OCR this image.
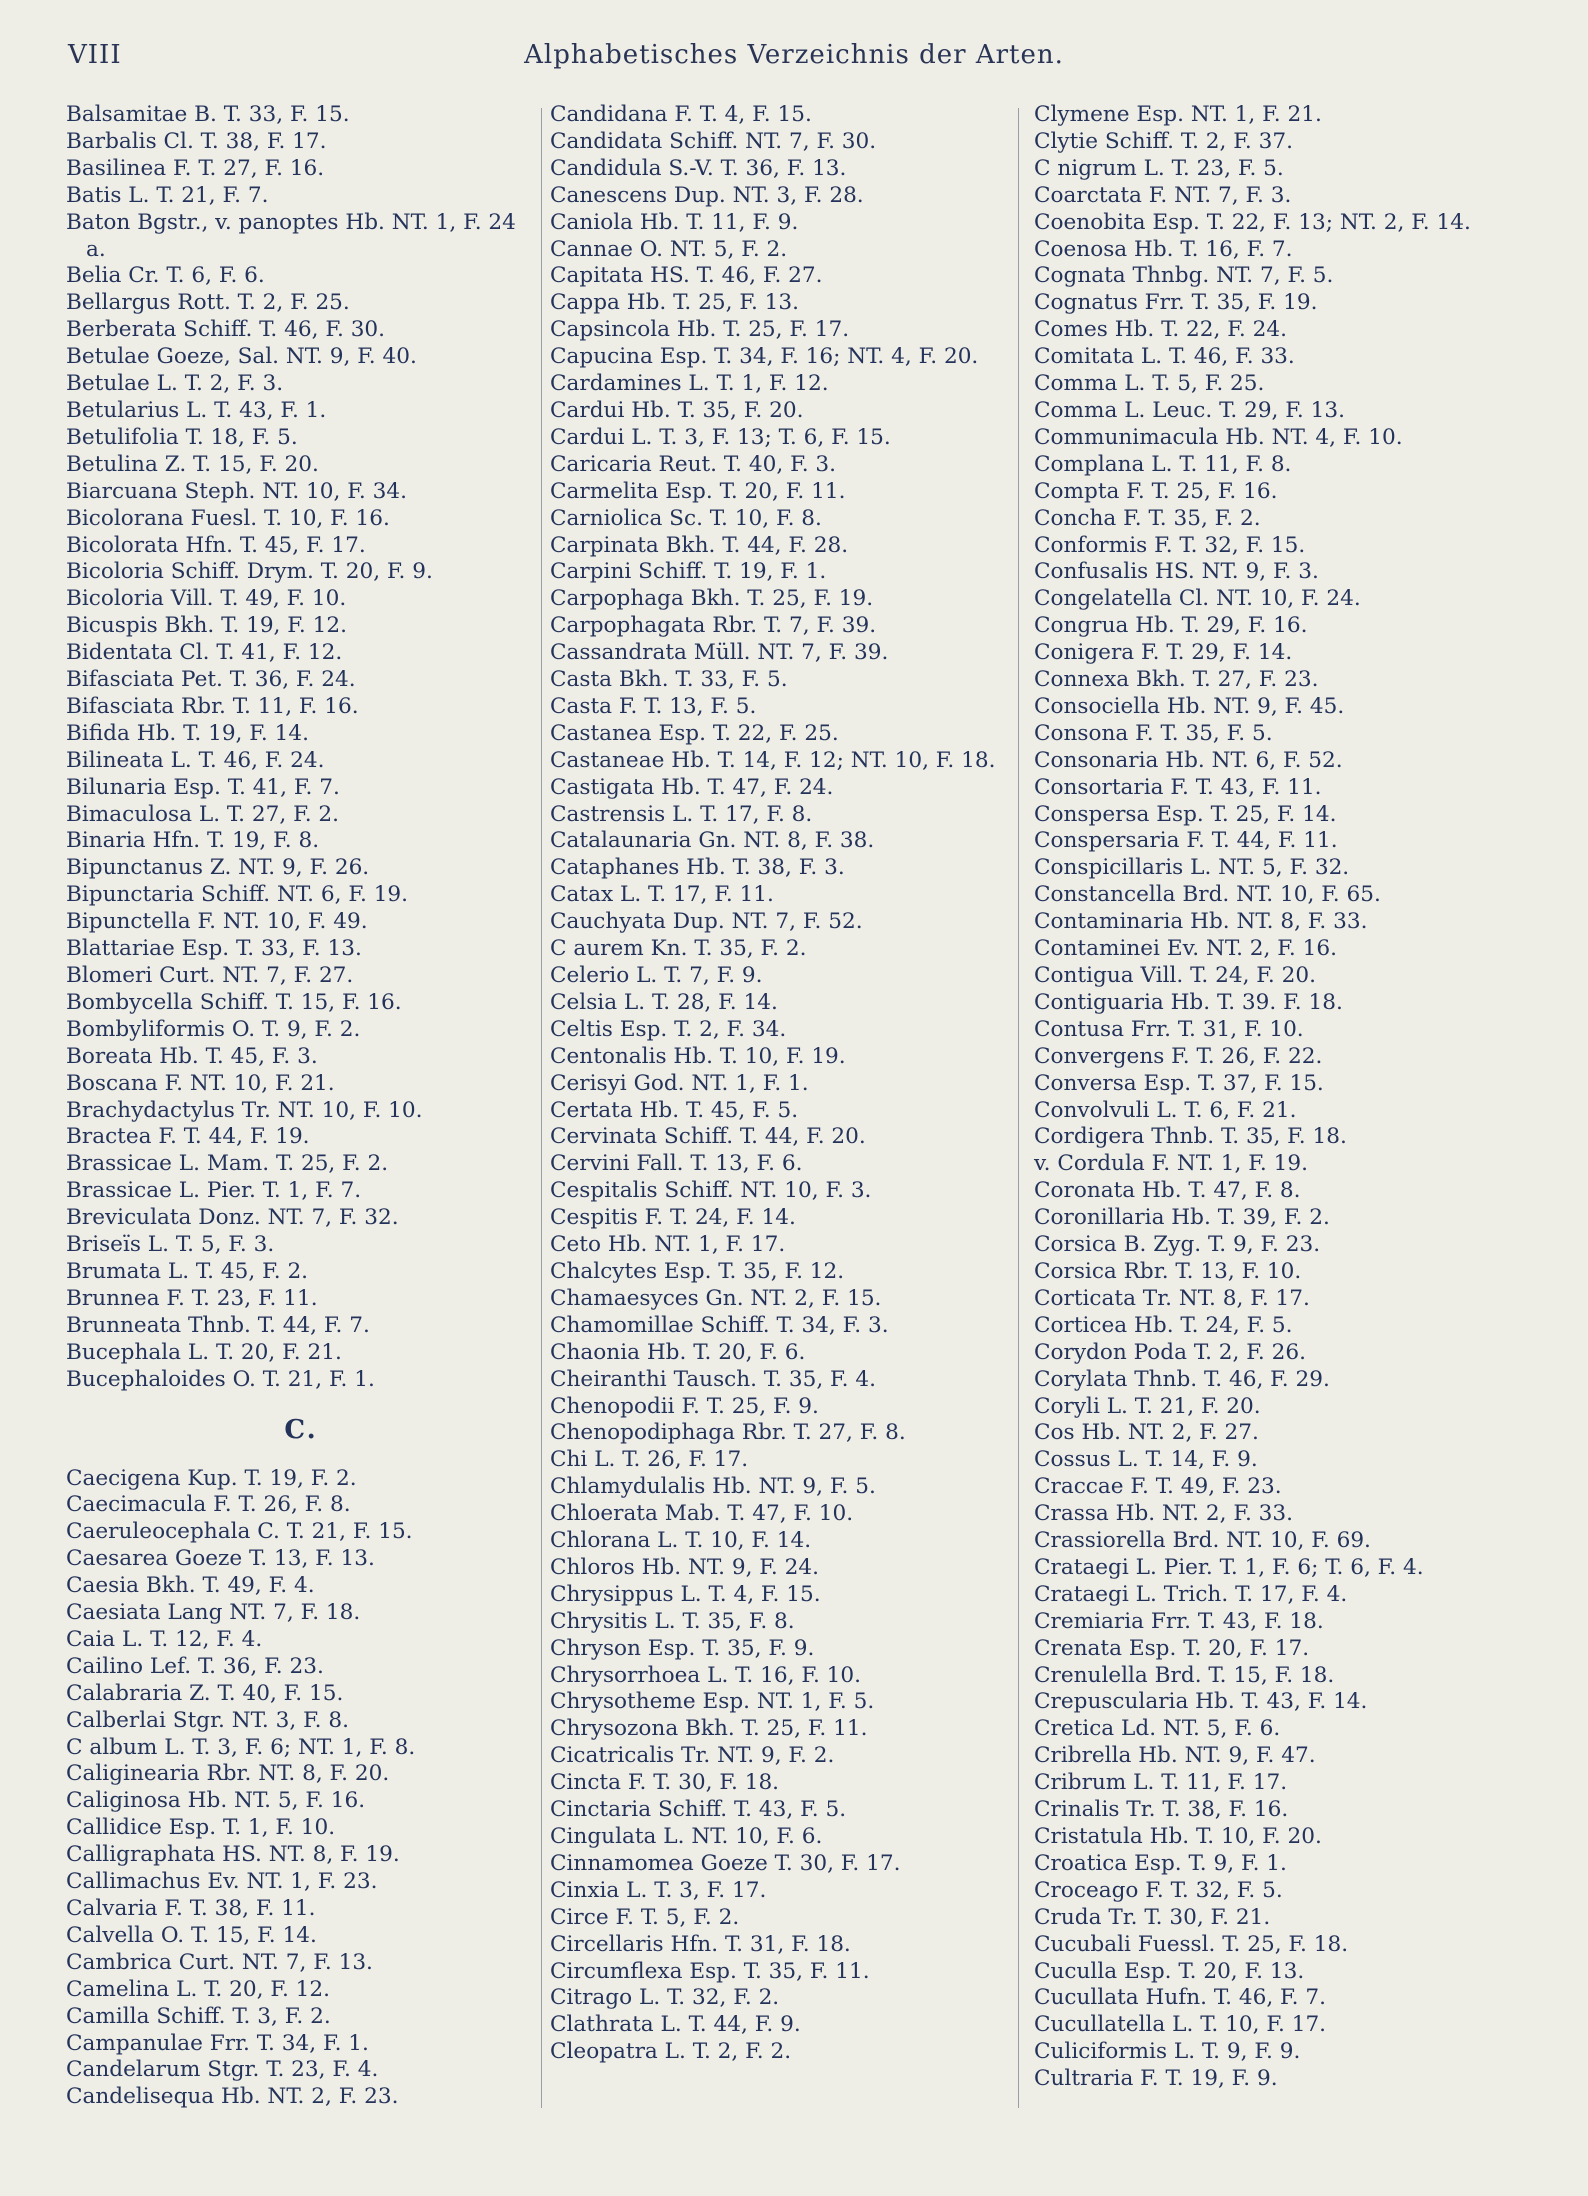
VIII	Alphabetisches Verzeichnis der Arten.
Balsamitae B. T. 33, F. 15.
Barbalis Cl. T. 38, F. 17.
Basilinea F. T. 27, F. 16.
Batis L. T. 21, F. 7.
Baton Bgstr., v. panoptes Hb. NT. 1, F. 24 a.
Belia Cr. T. 6, F. 6.
Bellargus Rott. T. 2, F. 25.
Berberata Schiff. T. 46, F. 30.
Betulae Goeze, Sal. NT. 9, F. 40.
Betulae L. T. 2, F. 3.
Betularius L. T. 43, F. 1.
Betulifolia T. 18, F. 5.
Betulina Z. T. 15, F. 20.
Biarcuana Steph. NT. 10, F. 34.
Bicolorana Fuesl. T. 10, F. 16.
Bicolorata Hfn. T. 45, F. 17.
Bicoloria Schiff. Drym. T. 20, F. 9.
Bicoloria Vill. T. 49, F. 10.
Bicuspis Bkh. T. 19, F. 12.
Bidentata Cl. T. 41, F. 12.
Bifasciata Pet. T. 36, F. 24.
Bifasciata Rbr. T. 11, F. 16.
Bifida Hb. T. 19, F. 14.
Bilineata L. T. 46, F. 24.
Bilunaria Esp. T. 41, F. 7.
Bimaculosa L. T. 27, F. 2.
Binaria Hfn. T. 19, F. 8.
Bipunctanus Z. NT. 9, F. 26.
Bipunctaria Schiff. NT. 6, F. 19.
Bipunctella F. NT. 10, F. 49.
Blattariae Esp. T. 33, F. 13.
Blomeri Curt. NT. 7, F. 27.
Bombycella Schiff. T. 15, F. 16.
Bombyliformis O. T. 9, F. 2.
Boreata Hb. T. 45, F. 3.
Boscana F. NT. 10, F. 21.
Brachydactylus Tr. NT. 10, F. 10.
Bractea F. T. 44, F. 19.
Brassicae L. Mam. T. 25, F. 2.
Brassicae L. Pier. T. 1, F. 7.
Breviculata Donz. NT. 7, F. 32.
Briseïs L. T. 5, F. 3.
Brumata L. T. 45, F. 2.
Brunnea F. T. 23, F. 11.
Brunneata Thnb. T. 44, F. 7.
Bucephala L. T. 20, F. 21.
Bucephaloides O. T. 21, F. 1.
C.
Caecigena Kup. T. 19, F. 2.
Caecimacula F. T. 26, F. 8.
Caeruleocephala C. T. 21, F. 15.
Caesarea Goeze T. 13, F. 13.
Caesia Bkh. T. 49, F. 4.
Caesiata Lang NT. 7, F. 18.
Caia L. T. 12, F. 4.
Cailino Lef. T. 36, F. 23.
Calabraria Z. T. 40, F. 15.
Calberlai Stgr. NT. 3, F. 8.
C album L. T. 3, F. 6; NT. 1, F. 8.
Caliginearia Rbr. NT. 8, F. 20.
Caliginosa Hb. NT. 5, F. 16.
Callidice Esp. T. 1, F. 10.
Calligraphata HS. NT. 8, F. 19.
Callimachus Ev. NT. 1, F. 23.
Calvaria F. T. 38, F. 11.
Calvella O. T. 15, F. 14.
Cambrica Curt. NT. 7, F. 13.
Camelina L. T. 20, F. 12.
Camilla Schiff. T. 3, F. 2.
Campanulae Frr. T. 34, F. 1.
Candelarum Stgr. T. 23, F. 4.
Candelisequa Hb. NT. 2, F. 23.
Candidana F. T. 4, F. 15.
Candidata Schiff. NT. 7, F. 30.
Candidula S.-V. T. 36, F. 13.
Canescens Dup. NT. 3, F. 28.
Caniola Hb. T. 11, F. 9.
Cannae O. NT. 5, F. 2.
Capitata HS. T. 46, F. 27.
Cappa Hb. T. 25, F. 13.
Capsincola Hb. T. 25, F. 17.
Capucina Esp. T. 34, F. 16; NT. 4, F. 20.
Cardamines L. T. 1, F. 12.
Cardui Hb. T. 35, F. 20.
Cardui L. T. 3, F. 13; T. 6, F. 15.
Caricaria Reut. T. 40, F. 3.
Carmelita Esp. T. 20, F. 11.
Carniolica Sc. T. 10, F. 8.
Carpinata Bkh. T. 44, F. 28.
Carpini Schiff. T. 19, F. 1.
Carpophaga Bkh. T. 25, F. 19.
Carpophagata Rbr. T. 7, F. 39.
Cassandrata Müll. NT. 7, F. 39.
Casta Bkh. T. 33, F. 5.
Casta F. T. 13, F. 5.
Castanea Esp. T. 22, F. 25.
Castaneae Hb. T. 14, F. 12; NT. 10, F. 18.
Castigata Hb. T. 47, F. 24.
Castrensis L. T. 17, F. 8.
Catalaunaria Gn. NT. 8, F. 38.
Cataphanes Hb. T. 38, F. 3.
Catax L. T. 17, F. 11.
Cauchyata Dup. NT. 7, F. 52.
C aurem Kn. T. 35, F. 2.
Celerio L. T. 7, F. 9.
Celsia L. T. 28, F. 14.
Celtis Esp. T. 2, F. 34.
Centonalis Hb. T. 10, F. 19.
Cerisyi God. NT. 1, F. 1.
Certata Hb. T. 45, F. 5.
Cervinata Schiff. T. 44, F. 20.
Cervini Fall. T. 13, F. 6.
Cespitalis Schiff. NT. 10, F. 3.
Cespitis F. T. 24, F. 14.
Ceto Hb. NT. 1, F. 17.
Chalcytes Esp. T. 35, F. 12.
Chamaesyces Gn. NT. 2, F. 15.
Chamomillae Schiff. T. 34, F. 3.
Chaonia Hb. T. 20, F. 6.
Cheiranthi Tausch. T. 35, F. 4.
Chenopodii F. T. 25, F. 9.
Chenopodiphaga Rbr. T. 27, F. 8.
Chi L. T. 26, F. 17.
Chlamydulalis Hb. NT. 9, F. 5.
Chloerata Mab. T. 47, F. 10.
Chlorana L. T. 10, F. 14.
Chloros Hb. NT. 9, F. 24.
Chrysippus L. T. 4, F. 15.
Chrysitis L. T. 35, F. 8.
Chryson Esp. T. 35, F. 9.
Chrysorrhoea L. T. 16, F. 10.
Chrysotheme Esp. NT. 1, F. 5.
Chrysozona Bkh. T. 25, F. 11.
Cicatricalis Tr. NT. 9, F. 2.
Cincta F. T. 30, F. 18.
Cinctaria Schiff. T. 43, F. 5.
Cingulata L. NT. 10, F. 6.
Cinnamomea Goeze T. 30, F. 17.
Cinxia L. T. 3, F. 17.
Circe F. T. 5, F. 2.
Circellaris Hfn. T. 31, F. 18.
Circumflexa Esp. T. 35, F. 11.
Citrago L. T. 32, F. 2.
Clathrata L. T. 44, F. 9.
Cleopatra L. T. 2, F. 2.
Clymene Esp. NT. 1, F. 21.
Clytie Schiff. T. 2, F. 37.
C nigrum L. T. 23, F. 5.
Coarctata F. NT. 7, F. 3.
Coenobita Esp. T. 22, F. 13; NT. 2, F. 14.
Coenosa Hb. T. 16, F. 7.
Cognata Thnbg. NT. 7, F. 5.
Cognatus Frr. T. 35, F. 19.
Comes Hb. T. 22, F. 24.
Comitata L. T. 46, F. 33.
Comma L. T. 5, F. 25.
Comma L. Leuc. T. 29, F. 13.
Communimacula Hb. NT. 4, F. 10.
Complana L. T. 11, F. 8.
Compta F. T. 25, F. 16.
Concha F. T. 35, F. 2.
Conformis F. T. 32, F. 15.
Confusalis HS. NT. 9, F. 3.
Congelatella Cl. NT. 10, F. 24.
Congrua Hb. T. 29, F. 16.
Conigera F. T. 29, F. 14.
Connexa Bkh. T. 27, F. 23.
Consociella Hb. NT. 9, F. 45.
Consona F. T. 35, F. 5.
Consonaria Hb. NT. 6, F. 52.
Consortaria F. T. 43, F. 11.
Conspersa Esp. T. 25, F. 14.
Conspersaria F. T. 44, F. 11.
Conspicillaris L. NT. 5, F. 32.
Constancella Brd. NT. 10, F. 65.
Contaminaria Hb. NT. 8, F. 33.
Contaminei Ev. NT. 2, F. 16.
Contigua Vill. T. 24, F. 20.
Contiguaria Hb. T. 39. F. 18.
Contusa Frr. T. 31, F. 10.
Convergens F. T. 26, F. 22.
Conversa Esp. T. 37, F. 15.
Convolvuli L. T. 6, F. 21.
Cordigera Thnb. T. 35, F. 18.
v. Cordula F. NT. 1, F. 19.
Coronata Hb. T. 47, F. 8.
Coronillaria Hb. T. 39, F. 2.
Corsica B. Zyg. T. 9, F. 23.
Corsica Rbr. T. 13, F. 10.
Corticata Tr. NT. 8, F. 17.
Corticea Hb. T. 24, F. 5.
Corydon Poda T. 2, F. 26.
Corylata Thnb. T. 46, F. 29.
Coryli L. T. 21, F. 20.
Cos Hb. NT. 2, F. 27.
Cossus L. T. 14, F. 9.
Craccae F. T. 49, F. 23.
Crassa Hb. NT. 2, F. 33.
Crassiorella Brd. NT. 10, F. 69.
Crataegi L. Pier. T. 1, F. 6; T. 6, F. 4.
Crataegi L. Trich. T. 17, F. 4.
Cremiaria Frr. T. 43, F. 18.
Crenata Esp. T. 20, F. 17.
Crenulella Brd. T. 15, F. 18.
Crepuscularia Hb. T. 43, F. 14.
Cretica Ld. NT. 5, F. 6.
Cribrella Hb. NT. 9, F. 47.
Cribrum L. T. 11, F. 17.
Crinalis Tr. T. 38, F. 16.
Cristatula Hb. T. 10, F. 20.
Croatica Esp. T. 9, F. 1.
Croceago F. T. 32, F. 5.
Cruda Tr. T. 30, F. 21.
Cucubali Fuessl. T. 25, F. 18.
Cuculla Esp. T. 20, F. 13.
Cucullata Hufn. T. 46, F. 7.
Cucullatella L. T. 10, F. 17.
Culiciformis L. T. 9, F. 9.
Cultraria F. T. 19, F. 9.
